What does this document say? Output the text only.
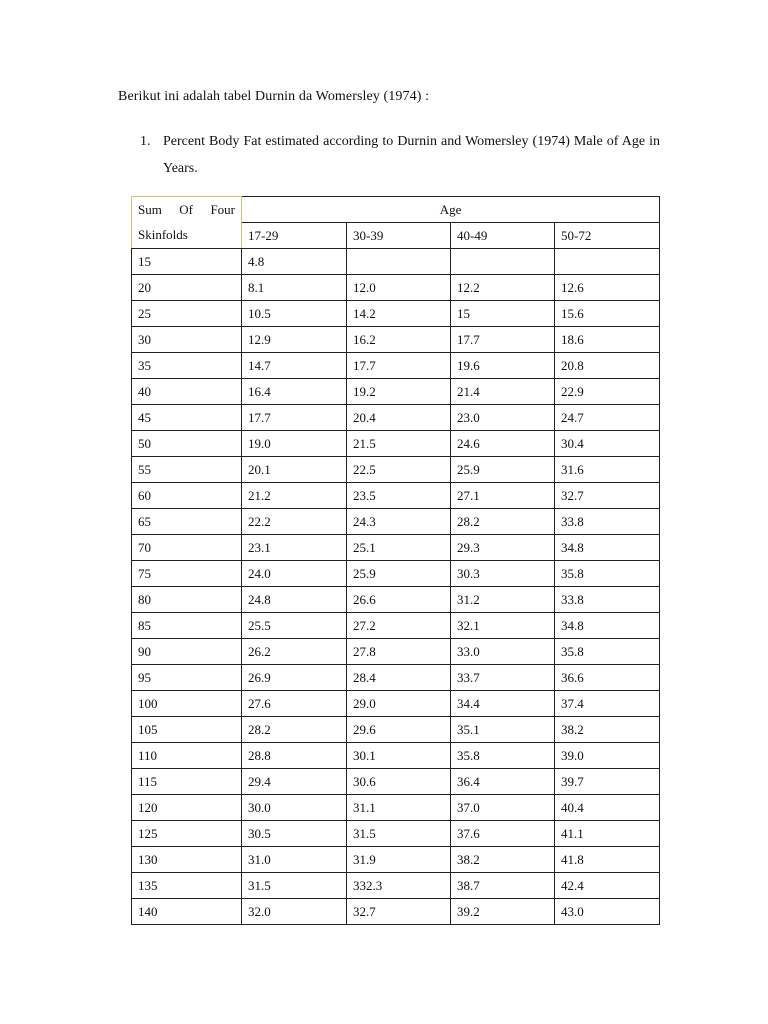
Berikut ini adalah tabel Durnin da Womersley (1974) :
1. Percent Body Fat estimated according to Durnin and Womersley (1974) Male of Age in Years.
Sum Of Four
Skinfolds	Age			
	17-29	30-39	40-49	50-72
15	4.8			
20	8.1	12.0	12.2	12.6
25	10.5	14.2	15	15.6
30	12.9	16.2	17.7	18.6
35	14.7	17.7	19.6	20.8
40	16.4	19.2	21.4	22.9
45	17.7	20.4	23.0	24.7
50	19.0	21.5	24.6	30.4
55	20.1	22.5	25.9	31.6
60	21.2	23.5	27.1	32.7
65	22.2	24.3	28.2	33.8
70	23.1	25.1	29.3	34.8
75	24.0	25.9	30.3	35.8
80	24.8	26.6	31.2	33.8
85	25.5	27.2	32.1	34.8
90	26.2	27.8	33.0	35.8
95	26.9	28.4	33.7	36.6
100	27.6	29.0	34.4	37.4
105	28.2	29.6	35.1	38.2
110	28.8	30.1	35.8	39.0
115	29.4	30.6	36.4	39.7
120	30.0	31.1	37.0	40.4
125	30.5	31.5	37.6	41.1
130	31.0	31.9	38.2	41.8
135	31.5	332.3	38.7	42.4
140	32.0	32.7	39.2	43.0
